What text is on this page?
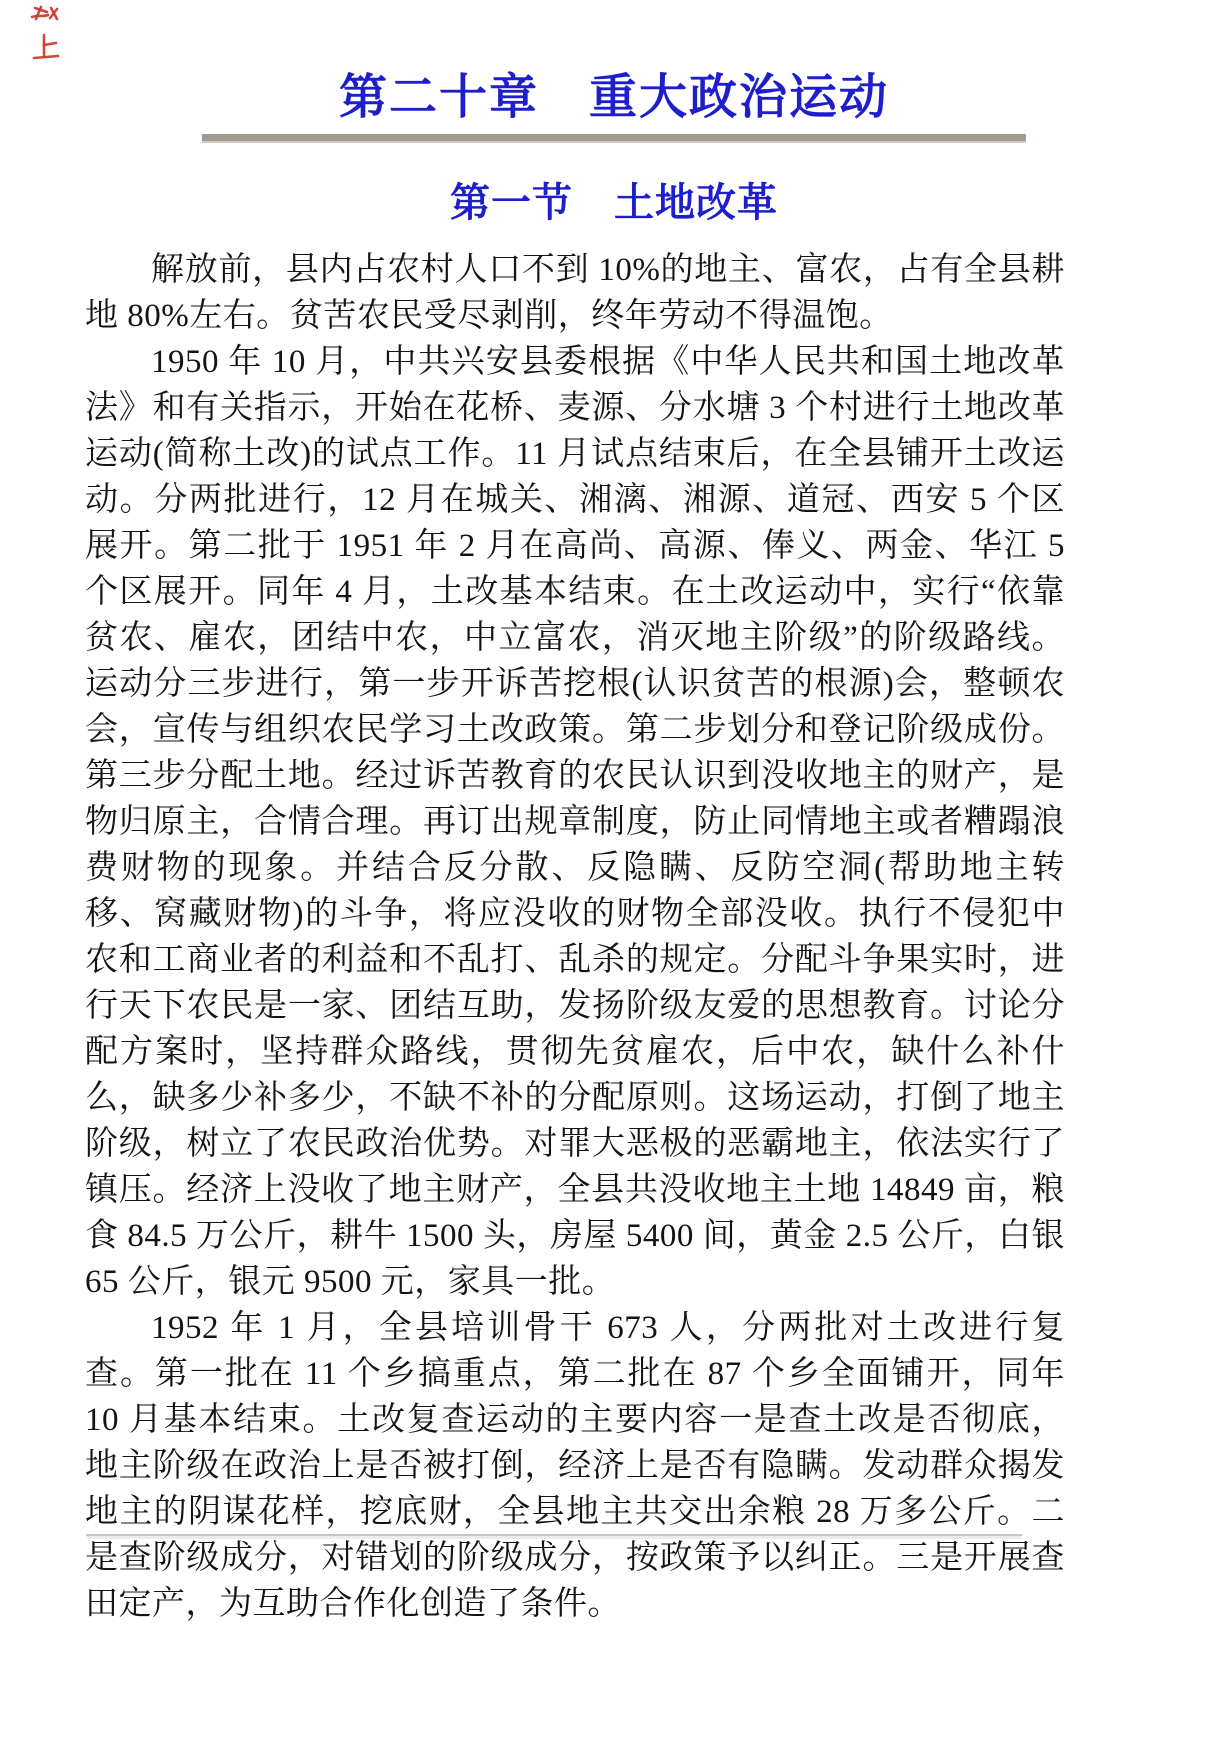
第二十章　重大政治运动
第一节　土地改革

解放前，县内占农村人口不到 10%的地主、富农，占有全县耕地 80%左右。贫苦农民受尽剥削，终年劳动不得温饱。

1950 年 10 月，中共兴安县委根据《中华人民共和国土地改革法》和有关指示，开始在花桥、麦源、分水塘 3 个村进行土地改革运动(简称土改)的试点工作。11 月试点结束后，在全县铺开土改运动。分两批进行，12 月在城关、湘漓、湘源、道冠、西安 5 个区展开。第二批于 1951 年 2 月在高尚、高源、俸义、两金、华江 5 个区展开。同年 4 月，土改基本结束。在土改运动中，实行“依靠贫农、雇农，团结中农，中立富农，消灭地主阶级”的阶级路线。运动分三步进行，第一步开诉苦挖根(认识贫苦的根源)会，整顿农会，宣传与组织农民学习土改政策。第二步划分和登记阶级成份。第三步分配土地。经过诉苦教育的农民认识到没收地主的财产，是物归原主，合情合理。再订出规章制度，防止同情地主或者糟蹋浪费财物的现象。并结合反分散、反隐瞒、反防空洞(帮助地主转移、窝藏财物)的斗争，将应没收的财物全部没收。执行不侵犯中农和工商业者的利益和不乱打、乱杀的规定。分配斗争果实时，进行天下农民是一家、团结互助，发扬阶级友爱的思想教育。讨论分配方案时，坚持群众路线，贯彻先贫雇农，后中农，缺什么补什么，缺多少补多少，不缺不补的分配原则。这场运动，打倒了地主阶级，树立了农民政治优势。对罪大恶极的恶霸地主，依法实行了镇压。经济上没收了地主财产，全县共没收地主土地 14849 亩，粮食 84.5 万公斤，耕牛 1500 头，房屋 5400 间，黄金 2.5 公斤，白银 65 公斤，银元 9500 元，家具一批。

1952 年 1 月，全县培训骨干 673 人，分两批对土改进行复查。第一批在 11 个乡搞重点，第二批在 87 个乡全面铺开，同年 10 月基本结束。土改复查运动的主要内容一是查土改是否彻底，地主阶级在政治上是否被打倒，经济上是否有隐瞒。发动群众揭发地主的阴谋花样，挖底财，全县地主共交出余粮 28 万多公斤。二是查阶级成分，对错划的阶级成分，按政策予以纠正。三是开展查田定产，为互助合作化创造了条件。
